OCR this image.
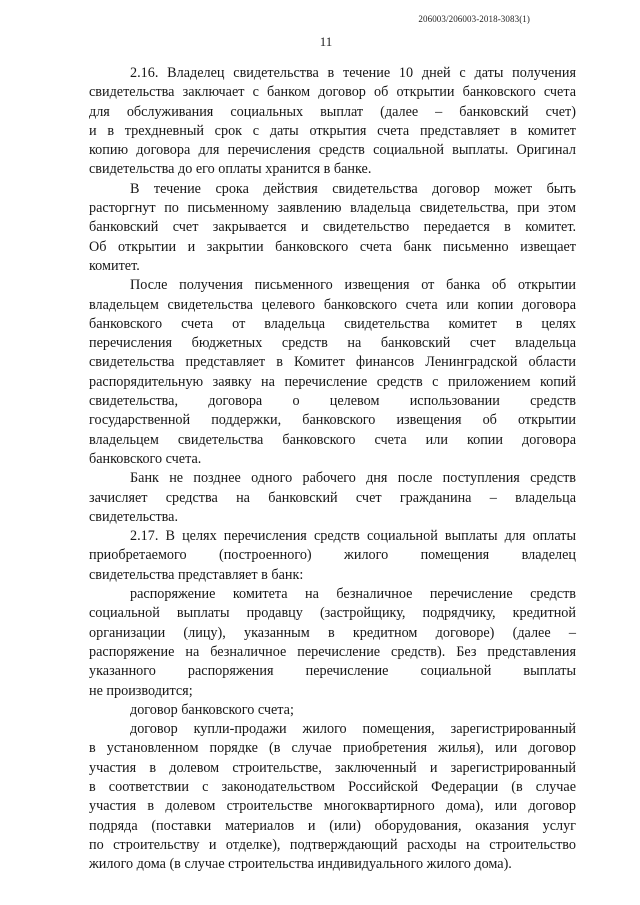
206003/206003-2018-3083(1)
11
2.16. Владелец свидетельства в течение 10 дней с даты получения
свидетельства заключает с банком договор об открытии банковского счета
для обслуживания социальных выплат (далее – банковский счет)
и в трехдневный срок с даты открытия счета представляет в комитет
копию договора для перечисления средств социальной выплаты. Оригинал
свидетельства до его оплаты хранится в банке.
В течение срока действия свидетельства договор может быть
расторгнут по письменному заявлению владельца свидетельства, при этом
банковский счет закрывается и свидетельство передается в комитет.
Об открытии и закрытии банковского счета банк письменно извещает
комитет.
После получения письменного извещения от банка об открытии
владельцем свидетельства целевого банковского счета или копии договора
банковского счета от владельца свидетельства комитет в целях
перечисления бюджетных средств на банковский счет владельца
свидетельства представляет в Комитет финансов Ленинградской области
распорядительную заявку на перечисление средств с приложением копий
свидетельства, договора о целевом использовании средств
государственной поддержки, банковского извещения об открытии
владельцем свидетельства банковского счета или копии договора
банковского счета.
Банк не позднее одного рабочего дня после поступления средств
зачисляет средства на банковский счет гражданина – владельца
свидетельства.
2.17. В целях перечисления средств социальной выплаты для оплаты
приобретаемого (построенного) жилого помещения владелец
свидетельства представляет в банк:
распоряжение комитета на безналичное перечисление средств
социальной выплаты продавцу (застройщику, подрядчику, кредитной
организации (лицу), указанным в кредитном договоре) (далее –
распоряжение на безналичное перечисление средств). Без представления
указанного распоряжения перечисление социальной выплаты
не производится;
договор банковского счета;
договор купли-продажи жилого помещения, зарегистрированный
в установленном порядке (в случае приобретения жилья), или договор
участия в долевом строительстве, заключенный и зарегистрированный
в соответствии с законодательством Российской Федерации (в случае
участия в долевом строительстве многоквартирного дома), или договор
подряда (поставки материалов и (или) оборудования, оказания услуг
по строительству и отделке), подтверждающий расходы на строительство
жилого дома (в случае строительства индивидуального жилого дома).
